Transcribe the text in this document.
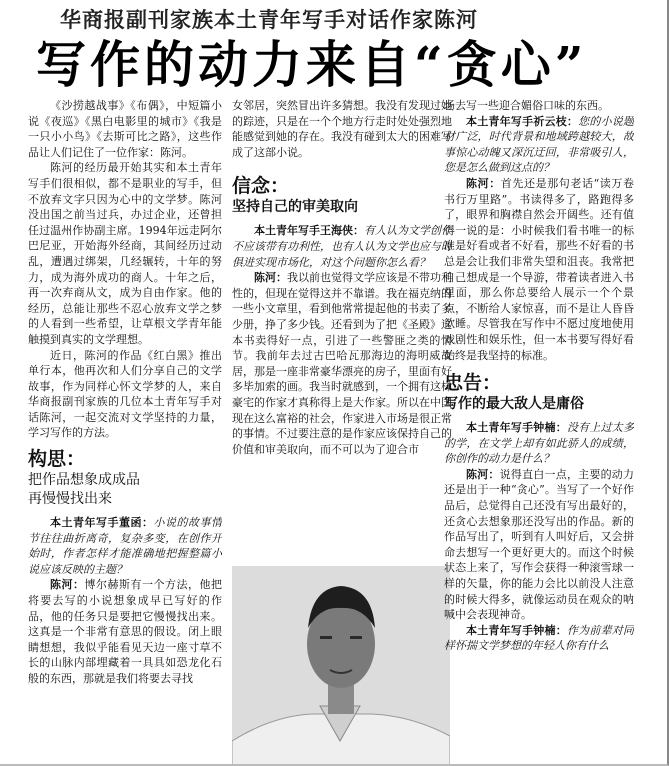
华商报副刊家族本土青年写手对话作家陈河
写作的动力来自“贪心”

《沙捞越战事》《布偶》，中短篇小说《夜巡》《黑白电影里的城市》《我是一只小小鸟》《去斯可比之路》，这些作品让人们记住了一位作家：陈河。

陈河的经历最开始其实和本土青年写手们很相似，都不是职业的写手，但不放弃文字只因为心中的文学梦。陈河没出国之前当过兵，办过企业，还曾担任过温州作协副主席。1994年远走阿尔巴尼亚，开始海外经商，其间经历过动乱，遭遇过绑架，几经辗转，十年的努力，成为海外成功的商人。十年之后，再一次弃商从文，成为自由作家。他的经历，总能让那些不忍心放弃文学之梦的人看到一些希望，让草根文学青年能触摸到真实的文学理想。

近日，陈河的作品《红白黑》推出单行本，他再次和人们分享自己的文学故事，作为同样心怀文学梦的人，来自华商报副刊家族的几位本土青年写手对话陈河，一起交流对文学坚持的力量，学习写作的方法。

构思：
把作品想象成成品
再慢慢找出来

本土青年写手董函：小说的故事情节往往曲折离奇，复杂多变，在创作开始时，作者怎样才能准确地把握整篇小说应该反映的主题？

陈河：博尔赫斯有一个方法，他把将要去写的小说想象成早已写好的作品，他的任务只是要把它慢慢找出来。这真是一个非常有意思的假设。闭上眼睛想想，我似乎能看见天边一座寸草不长的山脉内部埋藏着一具具如恐龙化石般的东西，那就是我们将要去寻找

女邻居，突然冒出许多猜想。我没有发现过她的踪迹，只是在一个个地方行走时处处强烈地能感觉到她的存在。我没有碰到太大的困难写成了这部小说。

信念：
坚持自己的审美取向

本土青年写手王海侠：有人认为文学创作不应该带有功利性，也有人认为文学也应与时俱进实现市场化，对这个问题你怎么看？

陈河：我以前也觉得文学应该是不带功利性的，但现在觉得这并不靠谱。我在福克纳的一些小文章里，看到他常常提起他的书卖了多少册，挣了多少钱。还看到为了把《圣殿》这本书卖得好一点，引进了一些警匪之类的情节。我前年去过古巴哈瓦那海边的海明威故居，那是一座非常豪华漂亮的房子，里面有好多毕加索的画。我当时就感到，一个拥有这样豪宅的作家才真称得上是大作家。所以在中国现在这么富裕的社会，作家进入市场是很正常的事情。不过要注意的是作家应该保持自己的价值和审美取向，而不可以为了迎合市

场去写一些迎合媚俗口味的东西。

本土青年写手祈云枝：您的小说题材广泛，时代背景和地域跨越较大，故事惊心动魄又深沉迂回，非常吸引人，您是怎么做到这点的？

陈河：首先还是那句老话“读万卷书行万里路”。书读得多了，路跑得多了，眼界和胸襟自然会开阔些。还有值得一说的是：小时候我们看书唯一的标准是好看或者不好看，那些不好看的书总是会让我们非常失望和沮丧。我常把自己想成是一个导游，带着读者进入书里面，那么你总要给人展示一个个景点，不断给人家惊喜，而不是让人昏昏欲睡。尽管我在写作中不愿过度地使用戏剧性和娱乐性，但一本书要写得好看始终是我坚持的标准。

忠告：
写作的最大敌人是庸俗

本土青年写手钟楠：没有上过太多的学，在文学上却有如此骄人的成绩，你创作的动力是什么？

陈河：说得直白一点，主要的动力还是出于一种“贪心”。当写了一个好作品后，总觉得自己还没有写出最好的，还贪心去想象那还没写出的作品。新的作品写出了，听到有人叫好后，又会拼命去想写一个更好更大的。而这个时候状态上来了，写作会获得一种滚雪球一样的矢量，你的能力会比以前没人注意的时候大得多，就像运动员在观众的呐喊中会表现神奇。

本土青年写手钟楠：作为前辈对同样怀揣文学梦想的年轻人你有什么
